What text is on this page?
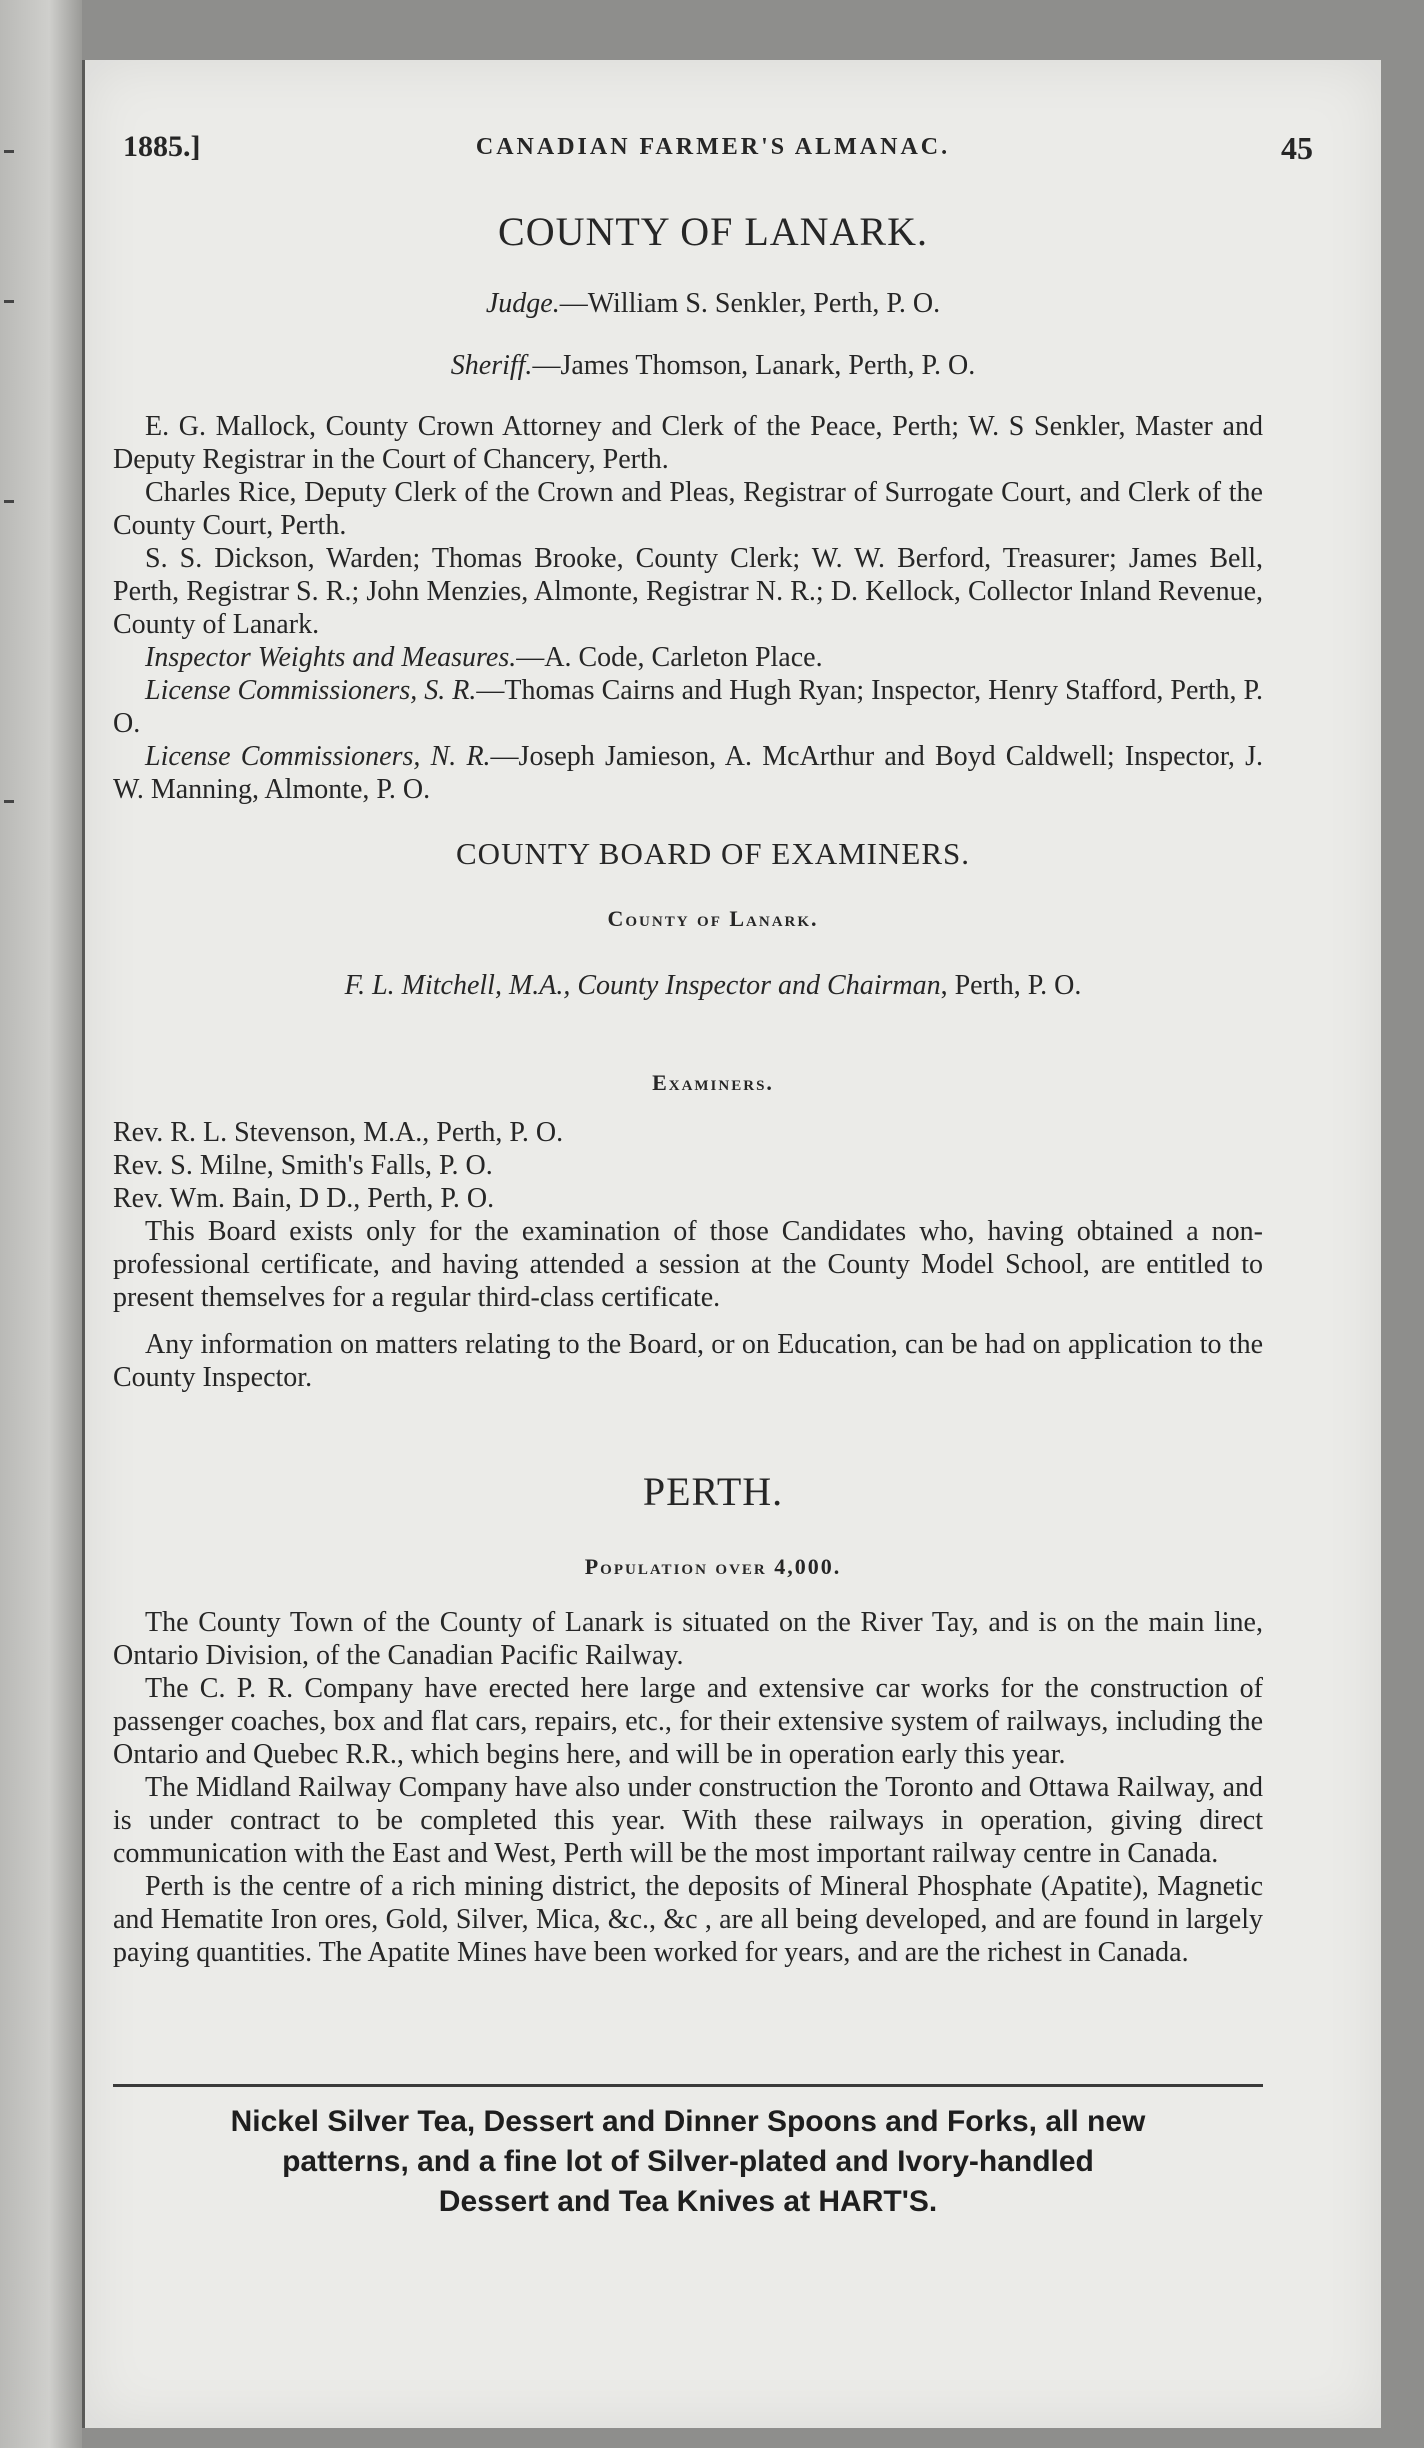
1885.]	CANADIAN FARMER'S ALMANAC.	45
COUNTY OF LANARK.
Judge.—William S. Senkler, Perth, P. O.
Sheriff.—James Thomson, Lanark, Perth, P. O.

E. G. Mallock, County Crown Attorney and Clerk of the Peace, Perth; W. S Senkler, Master and Deputy Registrar in the Court of Chancery, Perth.

Charles Rice, Deputy Clerk of the Crown and Pleas, Registrar of Surrogate Court, and Clerk of the County Court, Perth.

S. S. Dickson, Warden; Thomas Brooke, County Clerk; W. W. Berford, Treasurer; James Bell, Perth, Registrar S. R.; John Menzies, Almonte, Registrar N. R.; D. Kellock, Collector Inland Revenue, County of Lanark.

Inspector Weights and Measures.—A. Code, Carleton Place.

License Commissioners, S. R.—Thomas Cairns and Hugh Ryan; Inspector, Henry Stafford, Perth, P. O.

License Commissioners, N. R.—Joseph Jamieson, A. McArthur and Boyd Caldwell; Inspector, J. W. Manning, Almonte, P. O.

COUNTY BOARD OF EXAMINERS.
County of Lanark.
F. L. Mitchell, M.A., County Inspector and Chairman, Perth, P. O.
Examiners.

Rev. R. L. Stevenson, M.A., Perth, P. O.

Rev. S. Milne, Smith's Falls, P. O.

Rev. Wm. Bain, D D., Perth, P. O.

This Board exists only for the examination of those Candidates who, having obtained a non-professional certificate, and having attended a session at the County Model School, are entitled to present themselves for a regular third-class certificate.

Any information on matters relating to the Board, or on Education, can be had on application to the County Inspector.

PERTH.
Population over 4,000.

The County Town of the County of Lanark is situated on the River Tay, and is on the main line, Ontario Division, of the Canadian Pacific Railway.

The C. P. R. Company have erected here large and extensive car works for the construction of passenger coaches, box and flat cars, repairs, etc., for their extensive system of railways, including the Ontario and Quebec R.R., which begins here, and will be in operation early this year.

The Midland Railway Company have also under construction the Toronto and Ottawa Railway, and is under contract to be completed this year. With these railways in operation, giving direct communication with the East and West, Perth will be the most important railway centre in Canada.

Perth is the centre of a rich mining district, the deposits of Mineral Phosphate (Apatite), Magnetic and Hematite Iron ores, Gold, Silver, Mica, &c., &c , are all being developed, and are found in largely paying quantities. The Apatite Mines have been worked for years, and are the richest in Canada.

Nickel Silver Tea, Dessert and Dinner Spoons and Forks, all new
patterns, and a fine lot of Silver-plated and Ivory-handled
Dessert and Tea Knives at HART'S.
